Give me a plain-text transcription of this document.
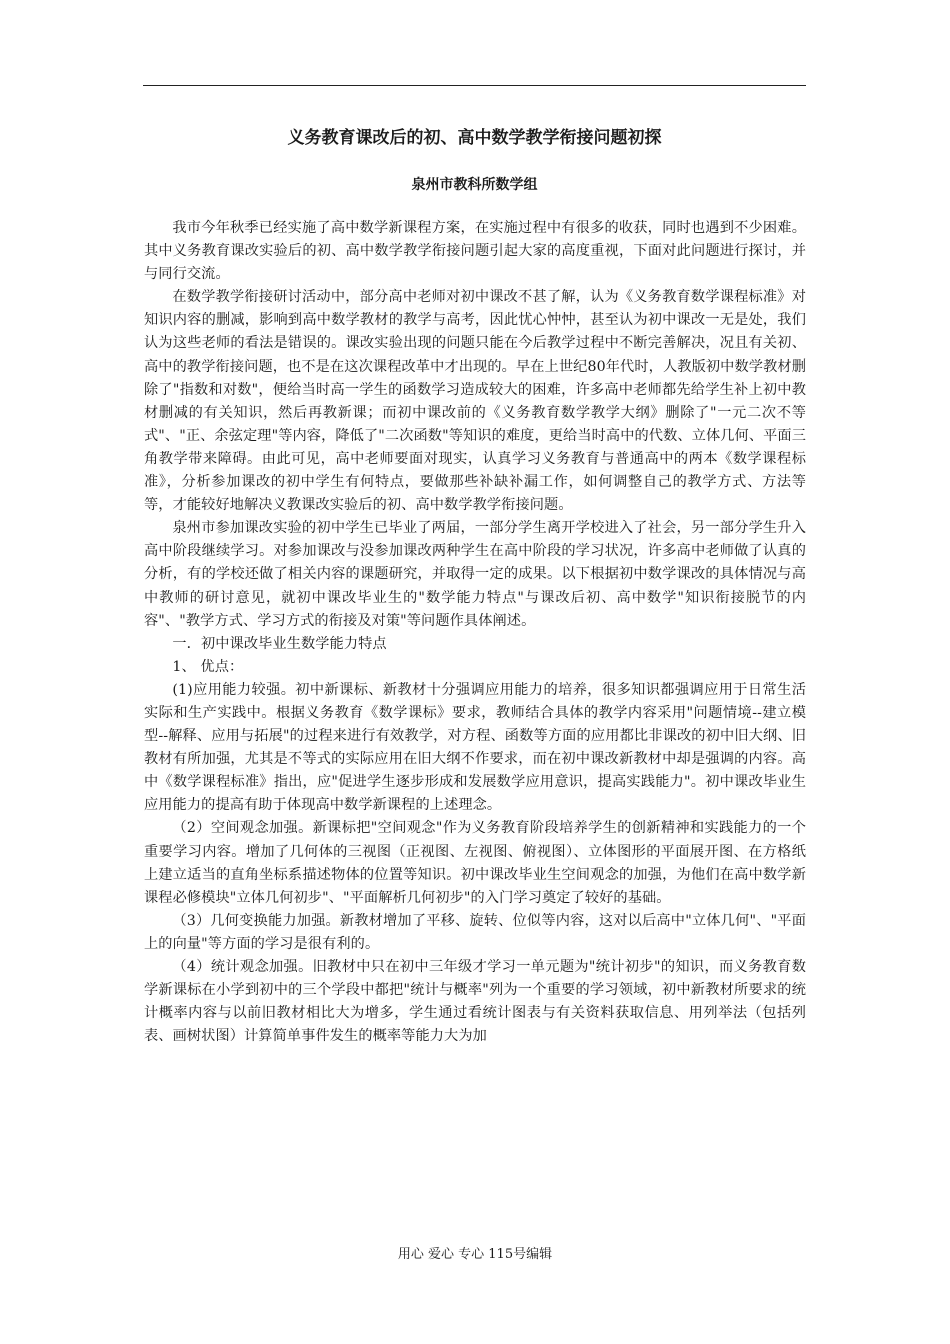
义务教育课改后的初、高中数学教学衔接问题初探
泉州市教科所数学组

我市今年秋季已经实施了高中数学新课程方案，在实施过程中有很多的收获，同时也遇到不少困难。其中义务教育课改实验后的初、高中数学教学衔接问题引起大家的高度重视，下面对此问题进行探讨，并与同行交流。

在数学教学衔接研讨活动中，部分高中老师对初中课改不甚了解，认为《义务教育数学课程标准》对知识内容的删减，影响到高中数学教材的教学与高考，因此忧心忡忡，甚至认为初中课改一无是处，我们认为这些老师的看法是错误的。课改实验出现的问题只能在今后教学过程中不断完善解决，况且有关初、高中的教学衔接问题，也不是在这次课程改革中才出现的。早在上世纪80年代时，人教版初中数学教材删除了"指数和对数"，便给当时高一学生的函数学习造成较大的困难，许多高中老师都先给学生补上初中教材删减的有关知识，然后再教新课；而初中课改前的《义务教育数学教学大纲》删除了"一元二次不等式"、"正、余弦定理"等内容，降低了"二次函数"等知识的难度，更给当时高中的代数、立体几何、平面三角教学带来障碍。由此可见，高中老师要面对现实，认真学习义务教育与普通高中的两本《数学课程标准》，分析参加课改的初中学生有何特点，要做那些补缺补漏工作，如何调整自己的教学方式、方法等等，才能较好地解决义教课改实验后的初、高中数学教学衔接问题。

泉州市参加课改实验的初中学生已毕业了两届，一部分学生离开学校进入了社会，另一部分学生升入高中阶段继续学习。对参加课改与没参加课改两种学生在高中阶段的学习状况，许多高中老师做了认真的分析，有的学校还做了相关内容的课题研究，并取得一定的成果。以下根据初中数学课改的具体情况与高中教师的研讨意见，就初中课改毕业生的"数学能力特点"与课改后初、高中数学"知识衔接脱节的内容"、"教学方式、学习方式的衔接及对策"等问题作具体阐述。

一．初中课改毕业生数学能力特点

1、 优点：

(1)应用能力较强。初中新课标、新教材十分强调应用能力的培养，很多知识都强调应用于日常生活实际和生产实践中。根据义务教育《数学课标》要求，教师结合具体的教学内容采用"问题情境--建立模型--解释、应用与拓展"的过程来进行有效教学，对方程、函数等方面的应用都比非课改的初中旧大纲、旧教材有所加强，尤其是不等式的实际应用在旧大纲不作要求，而在初中课改新教材中却是强调的内容。高中《数学课程标准》指出，应"促进学生逐步形成和发展数学应用意识，提高实践能力"。初中课改毕业生应用能力的提高有助于体现高中数学新课程的上述理念。

（2）空间观念加强。新课标把"空间观念"作为义务教育阶段培养学生的创新精神和实践能力的一个重要学习内容。增加了几何体的三视图（正视图、左视图、俯视图）、立体图形的平面展开图、在方格纸上建立适当的直角坐标系描述物体的位置等知识。初中课改毕业生空间观念的加强，为他们在高中数学新课程必修模块"立体几何初步"、"平面解析几何初步"的入门学习奠定了较好的基础。

（3）几何变换能力加强。新教材增加了平移、旋转、位似等内容，这对以后高中"立体几何"、"平面上的向量"等方面的学习是很有利的。

（4）统计观念加强。旧教材中只在初中三年级才学习一单元题为"统计初步"的知识，而义务教育数学新课标在小学到初中的三个学段中都把"统计与概率"列为一个重要的学习领域，初中新教材所要求的统计概率内容与以前旧教材相比大为增多，学生通过看统计图表与有关资料获取信息、用列举法（包括列表、画树状图）计算简单事件发生的概率等能力大为加

用心 爱心 专心 115号编辑
